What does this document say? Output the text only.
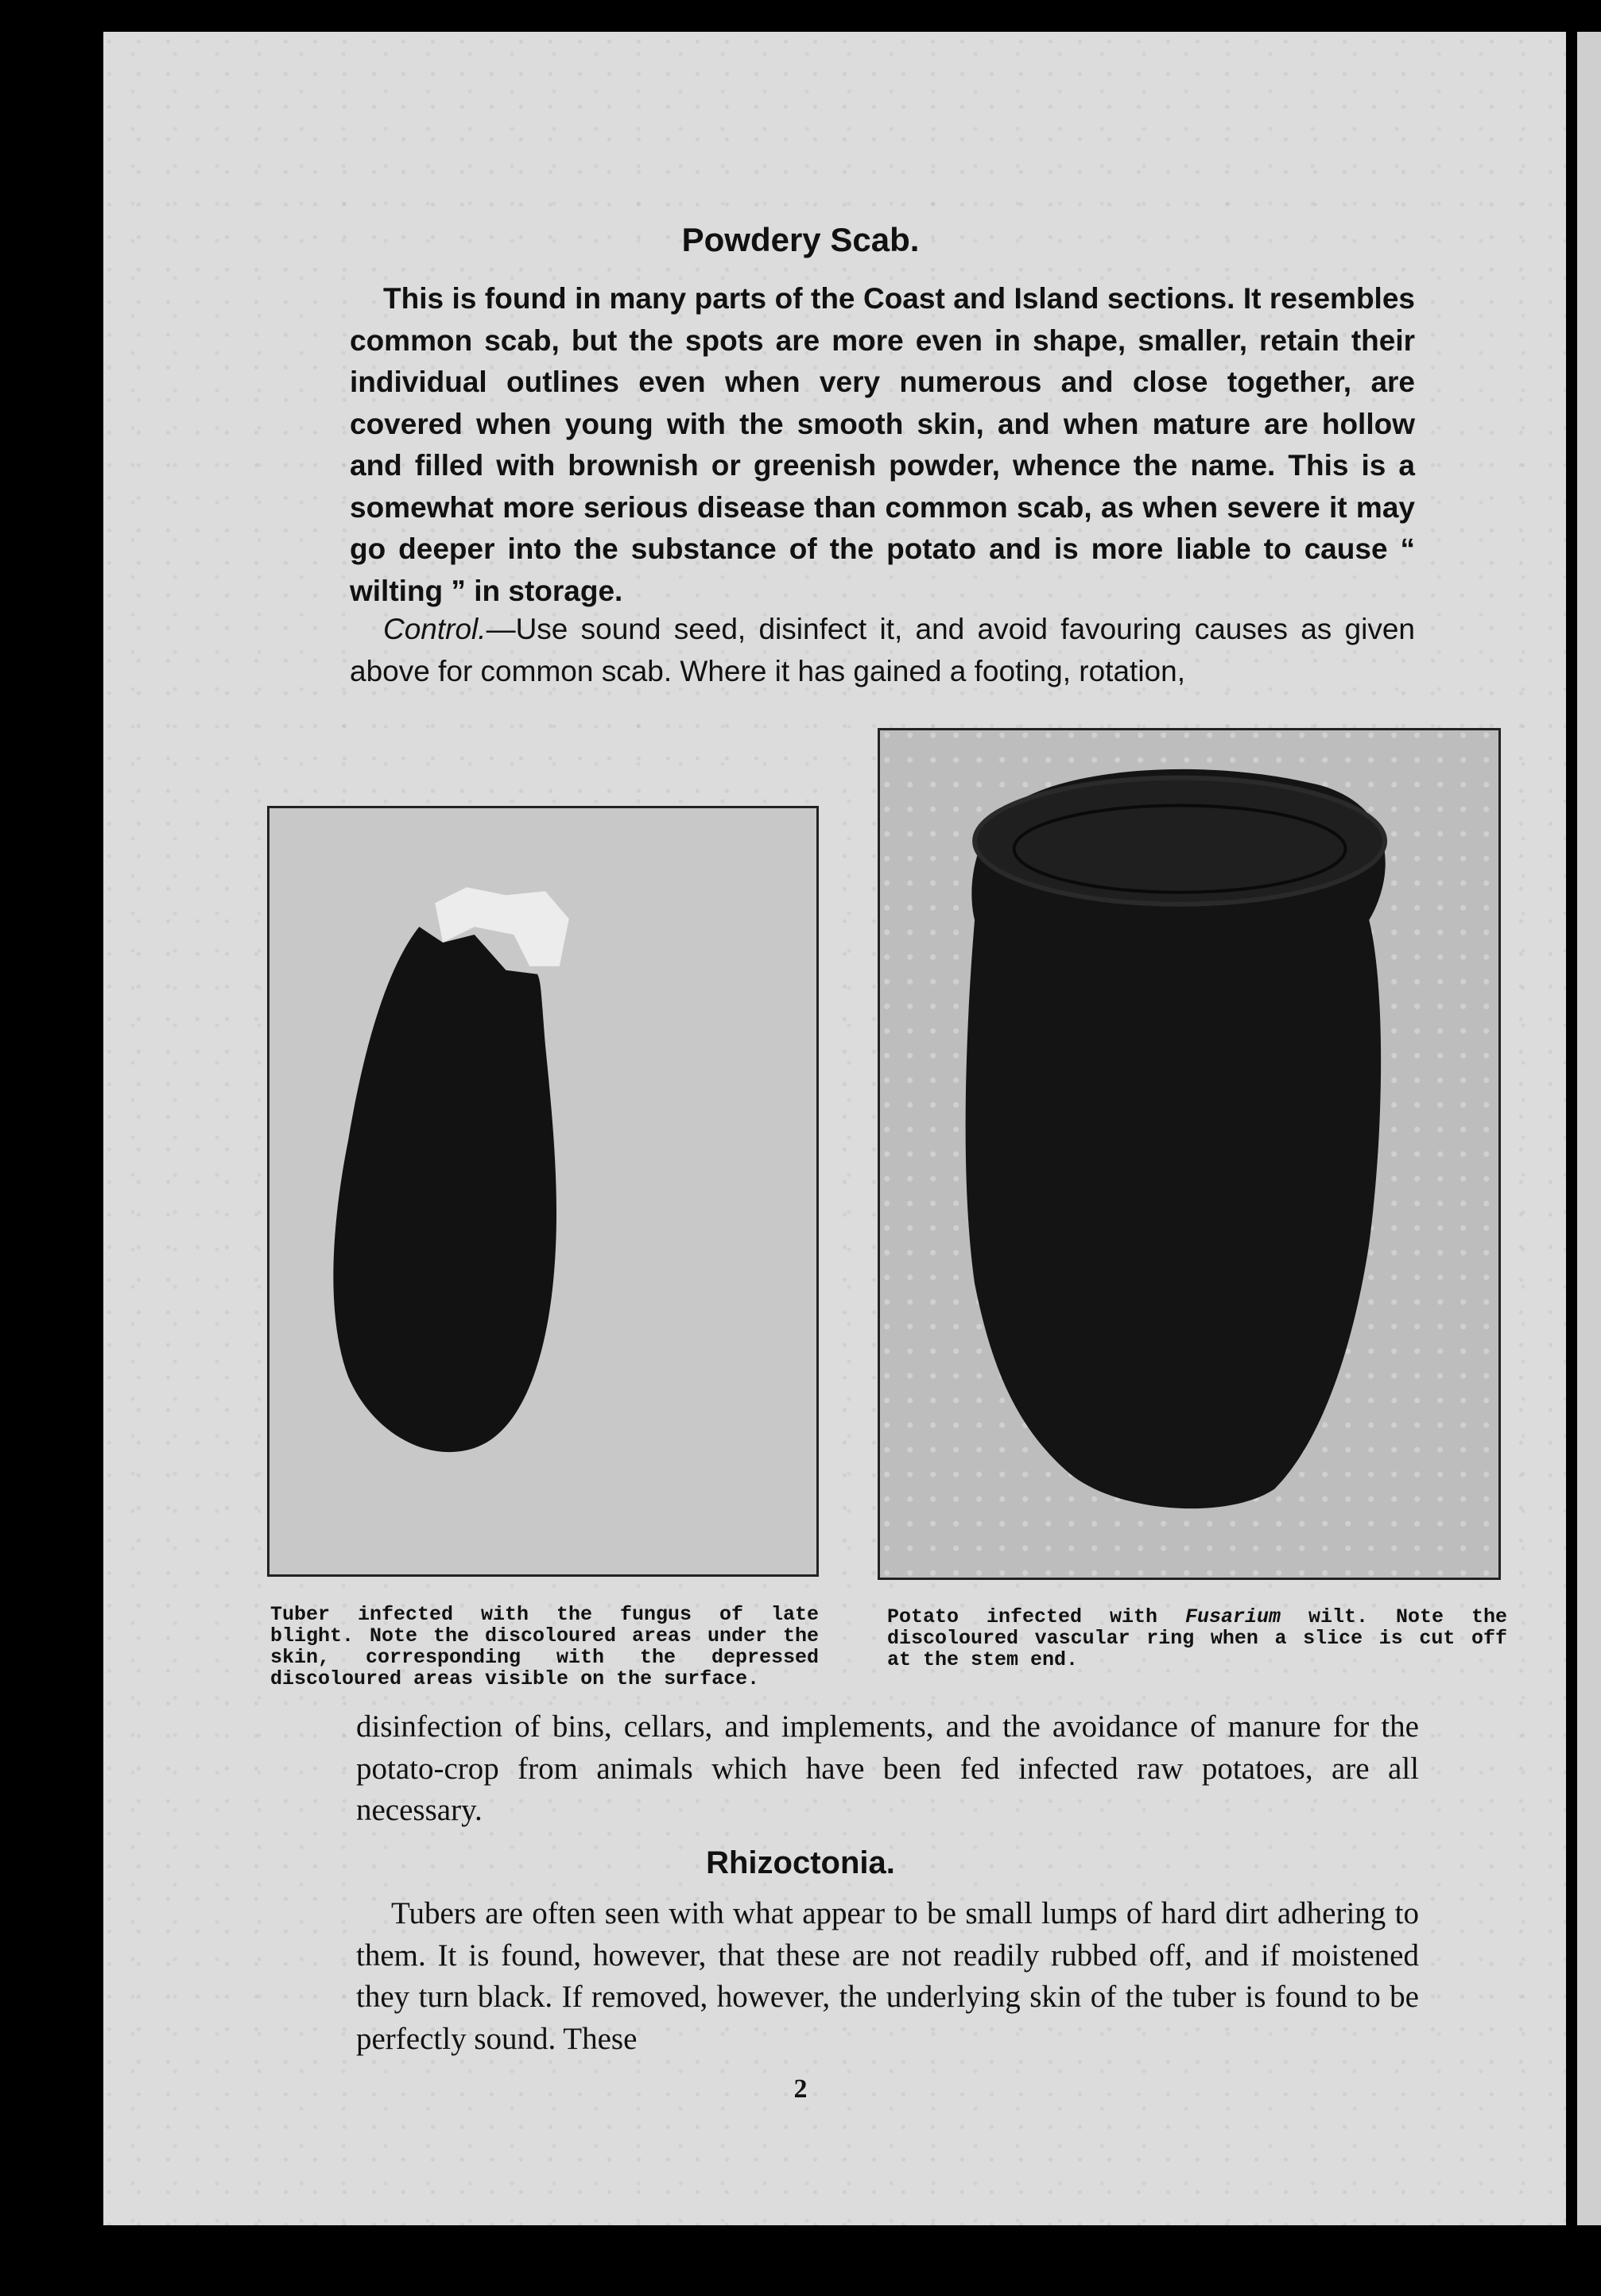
Powdery Scab.
This is found in many parts of the Coast and Island sections. It resembles common scab, but the spots are more even in shape, smaller, retain their individual outlines even when very numerous and close together, are covered when young with the smooth skin, and when mature are hollow and filled with brownish or greenish powder, whence the name. This is a somewhat more serious disease than common scab, as when severe it may go deeper into the substance of the potato and is more liable to cause “ wilting ” in storage.
Control.—Use sound seed, disinfect it, and avoid favouring causes as given above for common scab. Where it has gained a footing, rotation,
Tuber infected with the fungus of late blight. Note the discoloured areas under the skin, corresponding with the depressed discoloured areas visible on the surface.
Potato infected with Fusarium wilt. Note the discoloured vascular ring when a slice is cut off at the stem end.
disinfection of bins, cellars, and implements, and the avoidance of manure for the potato-crop from animals which have been fed infected raw potatoes, are all necessary.
Rhizoctonia.
Tubers are often seen with what appear to be small lumps of hard dirt adhering to them. It is found, however, that these are not readily rubbed off, and if moistened they turn black. If removed, however, the underlying skin of the tuber is found to be perfectly sound. These
2
